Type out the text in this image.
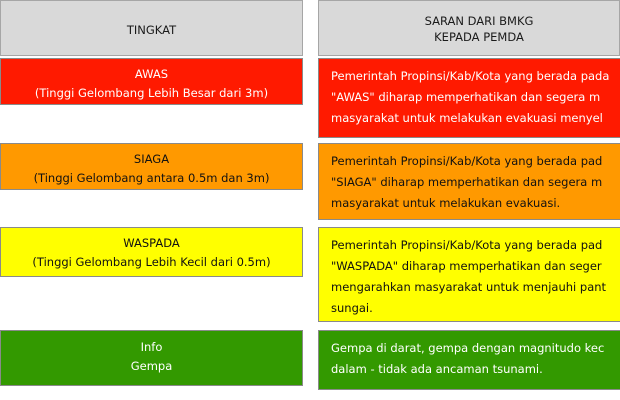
TINGKAT
SARAN DARI BMKG
KEPADA PEMDA
AWAS
(Tinggi Gelombang Lebih Besar dari 3m)
Pemerintah Propinsi/Kab/Kota yang berada pada
"AWAS" diharap memperhatikan dan segera m
masyarakat untuk melakukan evakuasi menyel
SIAGA
(Tinggi Gelombang antara 0.5m dan 3m)
Pemerintah Propinsi/Kab/Kota yang berada pad
"SIAGA" diharap memperhatikan dan segera m
masyarakat untuk melakukan evakuasi.
WASPADA
(Tinggi Gelombang Lebih Kecil dari 0.5m)
Pemerintah Propinsi/Kab/Kota yang berada pad
"WASPADA" diharap memperhatikan dan seger
mengarahkan masyarakat untuk menjauhi pant
sungai.
Info
Gempa
Gempa di darat, gempa dengan magnitudo kec
dalam - tidak ada ancaman tsunami.
